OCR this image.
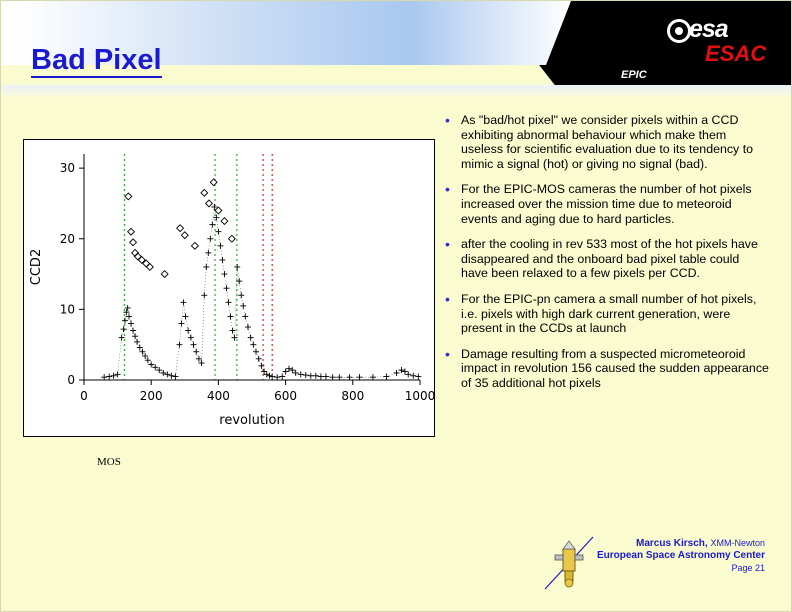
Bad Pixel	EPIC
esa
ESAC
0	200	400	600	800	1000
0
10
20
30
revolution
CCD2
MOS
• As "bad/hot pixel" we consider pixels within a CCD exhibiting abnormal behaviour which make them useless for scientific evaluation due to its tendency to mimic a signal (hot) or giving no signal (bad).
• For the EPIC-MOS cameras the number of hot pixels increased over the mission time due to meteoroid events and aging due to hard particles.
• after the cooling in rev 533 most of the hot pixels have disappeared and the onboard bad pixel table could have been relaxed to a few pixels per CCD.
• For the EPIC-pn camera a small number of hot pixels, i.e. pixels with high dark current generation, were present in the CCDs at launch
• Damage resulting from a suspected micrometeoroid impact in revolution 156 caused the sudden appearance of 35 additional hot pixels
Marcus Kirsch, XMM-Newton
European Space Astronomy Center
Page 21
